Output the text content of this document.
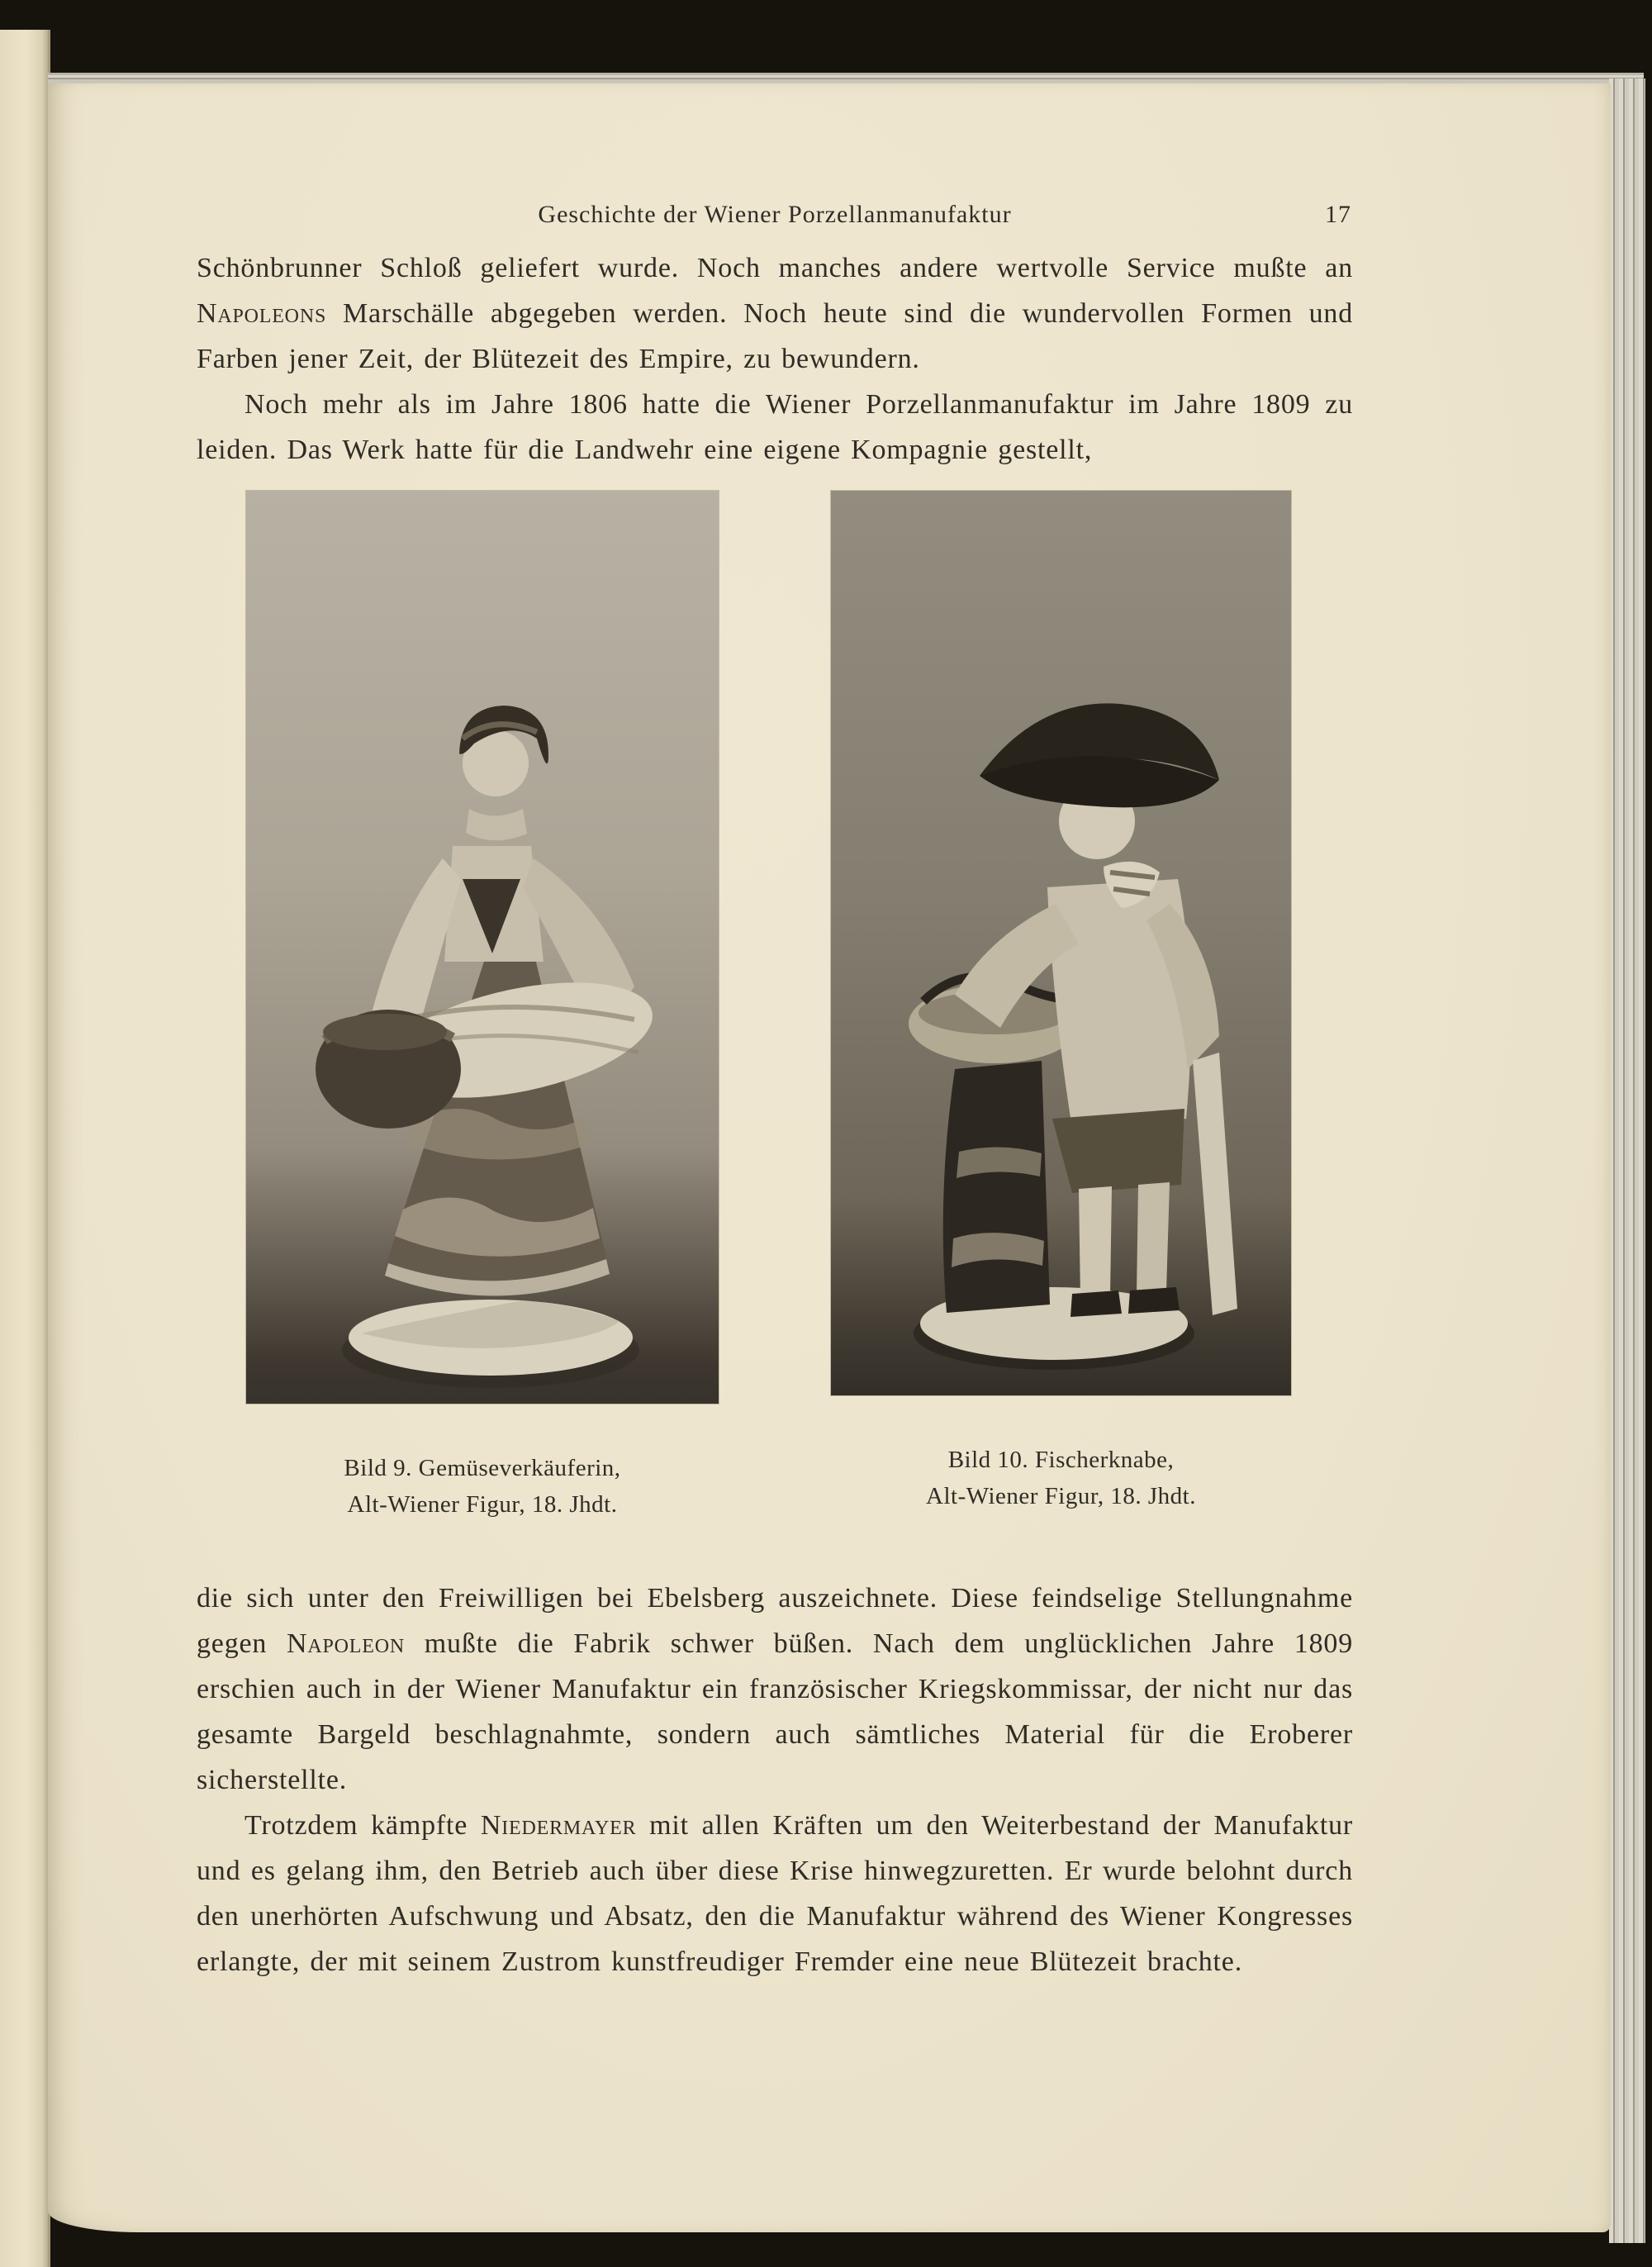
Geschichte der Wiener Porzellanmanufaktur	17

Schönbrunner Schloß geliefert wurde. Noch manches andere wertvolle Service mußte an Napoleons Marschälle abgegeben werden. Noch heute sind die wundervollen Formen und Farben jener Zeit, der Blütezeit des Empire, zu bewundern.

Noch mehr als im Jahre 1806 hatte die Wiener Porzellanmanufaktur im Jahre 1809 zu leiden. Das Werk hatte für die Landwehr eine eigene Kompagnie gestellt,

Bild 9. Gemüseverkäuferin,
Alt-Wiener Figur, 18. Jhdt.
Bild 10. Fischerknabe,
Alt-Wiener Figur, 18. Jhdt.

die sich unter den Freiwilligen bei Ebelsberg auszeichnete. Diese feindselige Stellungnahme gegen Napoleon mußte die Fabrik schwer büßen. Nach dem unglücklichen Jahre 1809 erschien auch in der Wiener Manufaktur ein französischer Kriegskommissar, der nicht nur das gesamte Bargeld beschlagnahmte, sondern auch sämtliches Material für die Eroberer sicherstellte.

Trotzdem kämpfte Niedermayer mit allen Kräften um den Weiterbestand der Manufaktur und es gelang ihm, den Betrieb auch über diese Krise hinwegzuretten. Er wurde belohnt durch den unerhörten Aufschwung und Absatz, den die Manufaktur während des Wiener Kongresses erlangte, der mit seinem Zustrom kunstfreudiger Fremder eine neue Blütezeit brachte.
